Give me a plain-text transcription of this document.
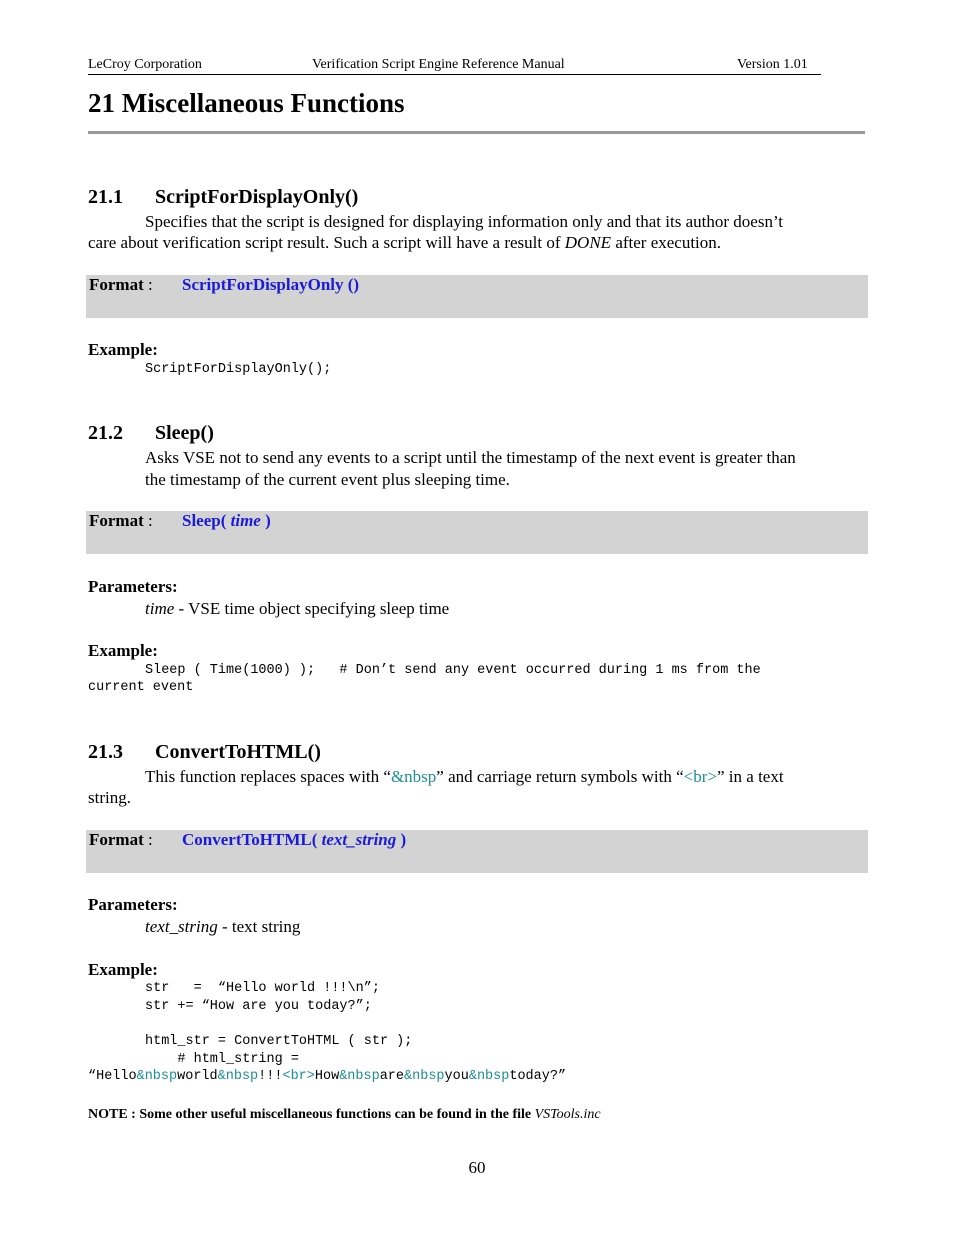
LeCroy Corporation	Verification Script Engine Reference Manual	Version 1.01
21 Miscellaneous Functions
21.1 ScriptForDisplayOnly()
Specifies that the script is designed for displaying information only and that its author doesn’t
care about verification script result. Such a script will have a result of DONE after execution.
Format : ScriptForDisplayOnly ()
Example:
ScriptForDisplayOnly();
21.2 Sleep()
Asks VSE not to send any events to a script until the timestamp of the next event is greater than
the timestamp of the current event plus sleeping time.
Format : Sleep( time )
Parameters:
time - VSE time object specifying sleep time
Example:
Sleep ( Time(1000) );   # Don’t send any event occurred during 1 ms from the
current event
21.3 ConvertToHTML()
This function replaces spaces with “&nbsp” and carriage return symbols with “<br>” in a text
string.
Format : ConvertToHTML( text_string )
Parameters:
text_string - text string
Example:
str   =  “Hello world !!!\n”;
str += “How are you today?”;
html_str = ConvertToHTML ( str );
# html_string =
“Hello&nbspworld&nbsp!!!<br>How&nbspare&nbspyou&nbsptoday?”
NOTE : Some other useful miscellaneous functions can be found in the file VSTools.inc
60
